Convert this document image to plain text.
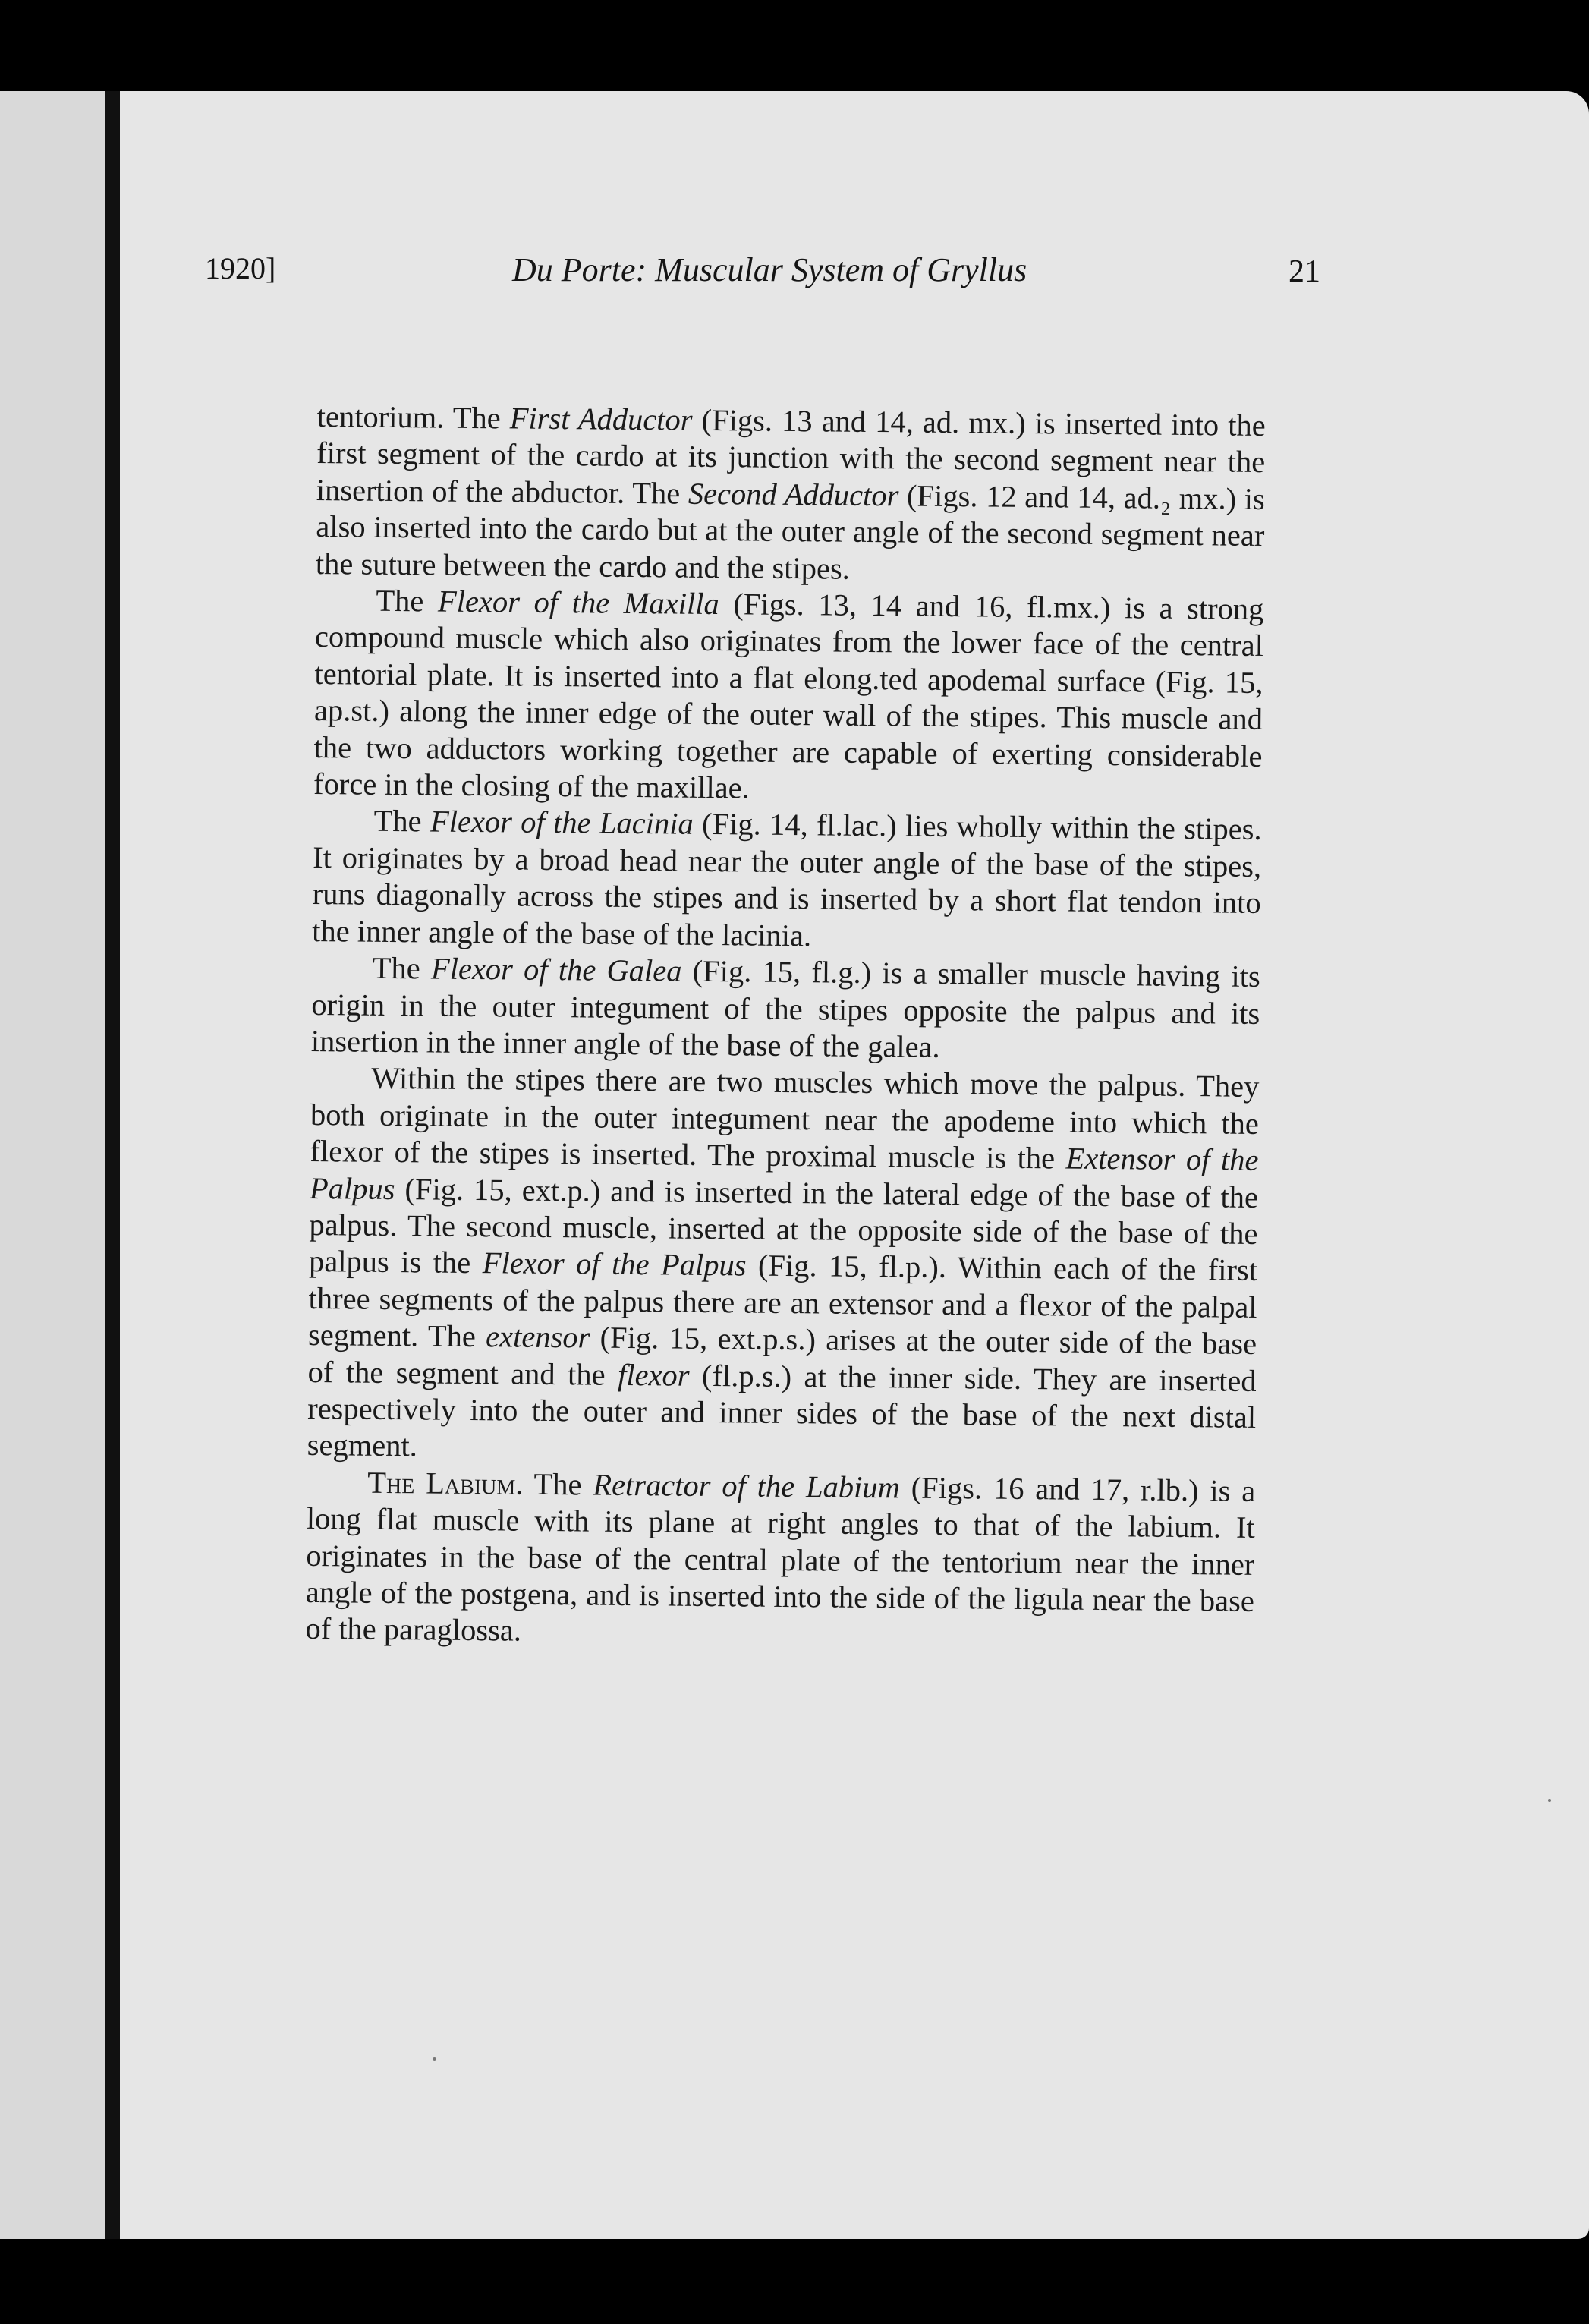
1920]	Du Porte: Muscular System of Gryllus	21

tentorium. The First Adductor (Figs. 13 and 14, ad. mx.) is inserted into the first segment of the cardo at its junction with the second segment near the insertion of the abductor. The Second Adductor (Figs. 12 and 14, ad.₂ mx.) is also inserted into the cardo but at the outer angle of the second segment near the suture between the cardo and the stipes.

The Flexor of the Maxilla (Figs. 13, 14 and 16, fl.mx.) is a strong compound muscle which also originates from the lower face of the central tentorial plate. It is inserted into a flat elong.ted apodemal surface (Fig. 15, ap.st.) along the inner edge of the outer wall of the stipes. This muscle and the two adductors working together are capable of exerting considerable force in the closing of the maxillae.

The Flexor of the Lacinia (Fig. 14, fl.lac.) lies wholly within the stipes. It originates by a broad head near the outer angle of the base of the stipes, runs diagonally across the stipes and is inserted by a short flat tendon into the inner angle of the base of the lacinia.

The Flexor of the Galea (Fig. 15, fl.g.) is a smaller muscle having its origin in the outer integument of the stipes opposite the palpus and its insertion in the inner angle of the base of the galea.

Within the stipes there are two muscles which move the palpus. They both originate in the outer integument near the apodeme into which the flexor of the stipes is inserted. The proximal muscle is the Extensor of the Palpus (Fig. 15, ext.p.) and is inserted in the lateral edge of the base of the palpus. The second muscle, inserted at the opposite side of the base of the palpus is the Flexor of the Palpus (Fig. 15, fl.p.). Within each of the first three segments of the palpus there are an extensor and a flexor of the palpal segment. The extensor (Fig. 15, ext.p.s.) arises at the outer side of the base of the segment and the flexor (fl.p.s.) at the inner side. They are inserted respectively into the outer and inner sides of the base of the next distal segment.

The Labium. The Retractor of the Labium (Figs. 16 and 17, r.lb.) is a long flat muscle with its plane at right angles to that of the labium. It originates in the base of the central plate of the tentorium near the inner angle of the postgena, and is inserted into the side of the ligula near the base of the paraglossa.
